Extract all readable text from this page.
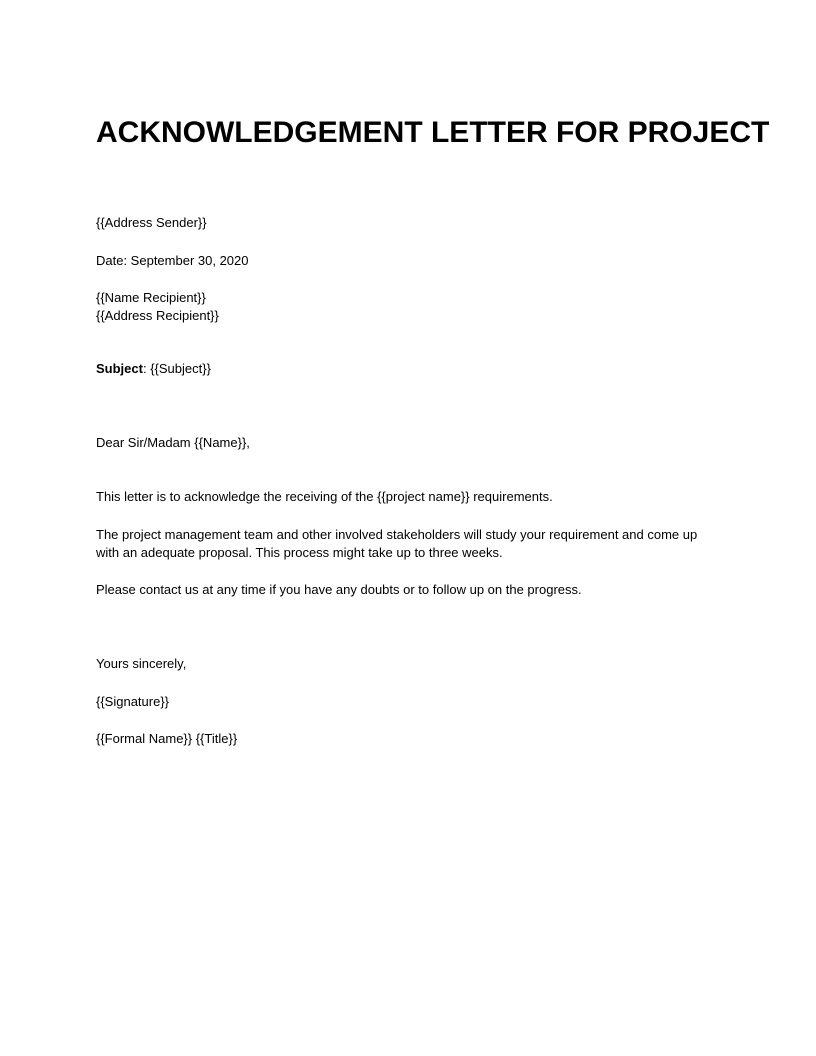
ACKNOWLEDGEMENT LETTER FOR PROJECT
{{Address Sender}}
Date: September 30, 2020
{{Name Recipient}}
{{Address Recipient}}
Subject: {{Subject}}
Dear Sir/Madam {{Name}},
This letter is to acknowledge the receiving of the {{project name}} requirements.
The project management team and other involved stakeholders will study your requirement and come up with an adequate proposal. This process might take up to three weeks.
Please contact us at any time if you have any doubts or to follow up on the progress.
Yours sincerely,
{{Signature}}
{{Formal Name}} {{Title}}
